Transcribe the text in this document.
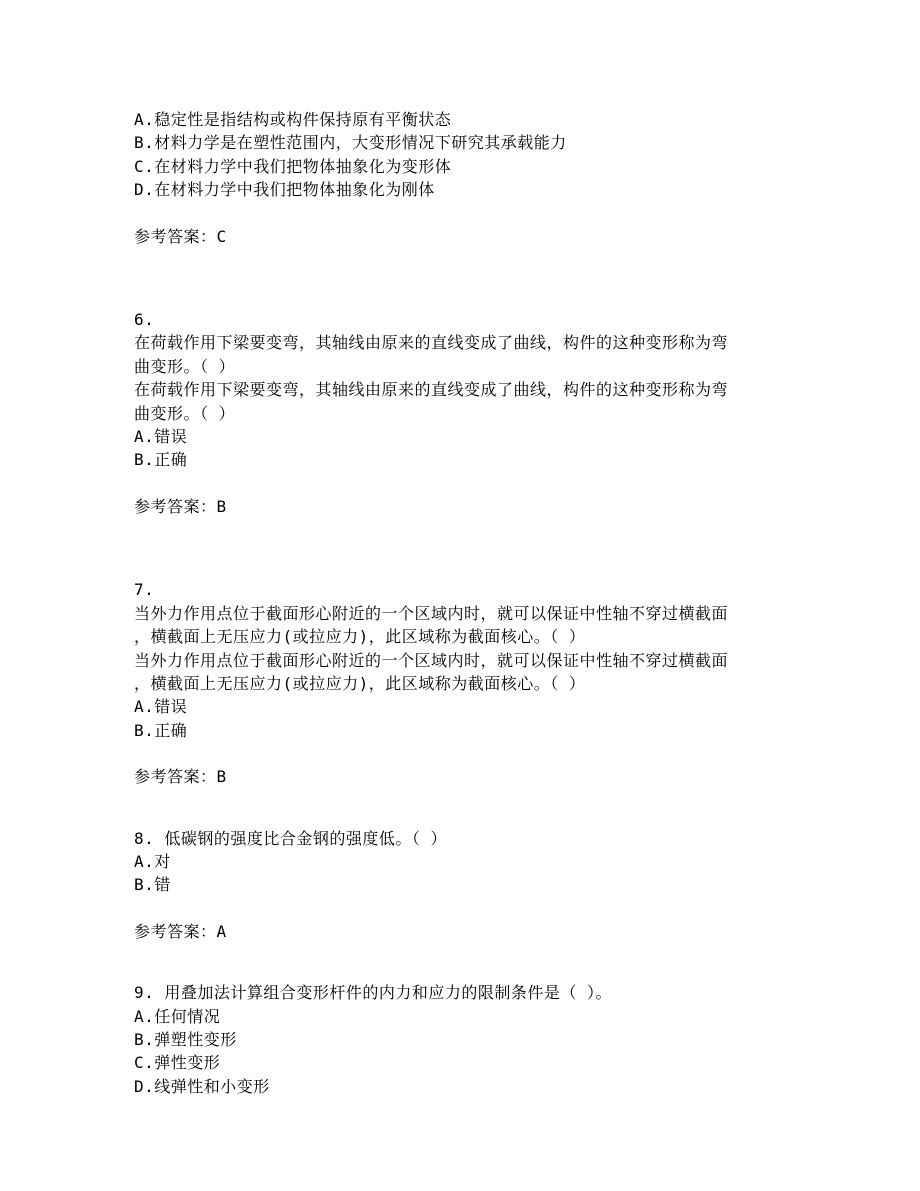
A.稳定性是指结构或构件保持原有平衡状态
B.材料力学是在塑性范围内，大变形情况下研究其承载能力
C.在材料力学中我们把物体抽象化为变形体
D.在材料力学中我们把物体抽象化为刚体
参考答案：C
6.
在荷载作用下梁要变弯，其轴线由原来的直线变成了曲线，构件的这种变形称为弯
曲变形。（ ）
在荷载作用下梁要变弯，其轴线由原来的直线变成了曲线，构件的这种变形称为弯
曲变形。（ ）
A.错误
B.正确
参考答案：B
7.
当外力作用点位于截面形心附近的一个区域内时，就可以保证中性轴不穿过横截面
，横截面上无压应力(或拉应力)，此区域称为截面核心。（ ）
当外力作用点位于截面形心附近的一个区域内时，就可以保证中性轴不穿过横截面
，横截面上无压应力(或拉应力)，此区域称为截面核心。（ ）
A.错误
B.正确
参考答案：B
8. 低碳钢的强度比合金钢的强度低。（ ）
A.对
B.错
参考答案：A
9. 用叠加法计算组合变形杆件的内力和应力的限制条件是（ ）。
A.任何情况
B.弹塑性变形
C.弹性变形
D.线弹性和小变形
